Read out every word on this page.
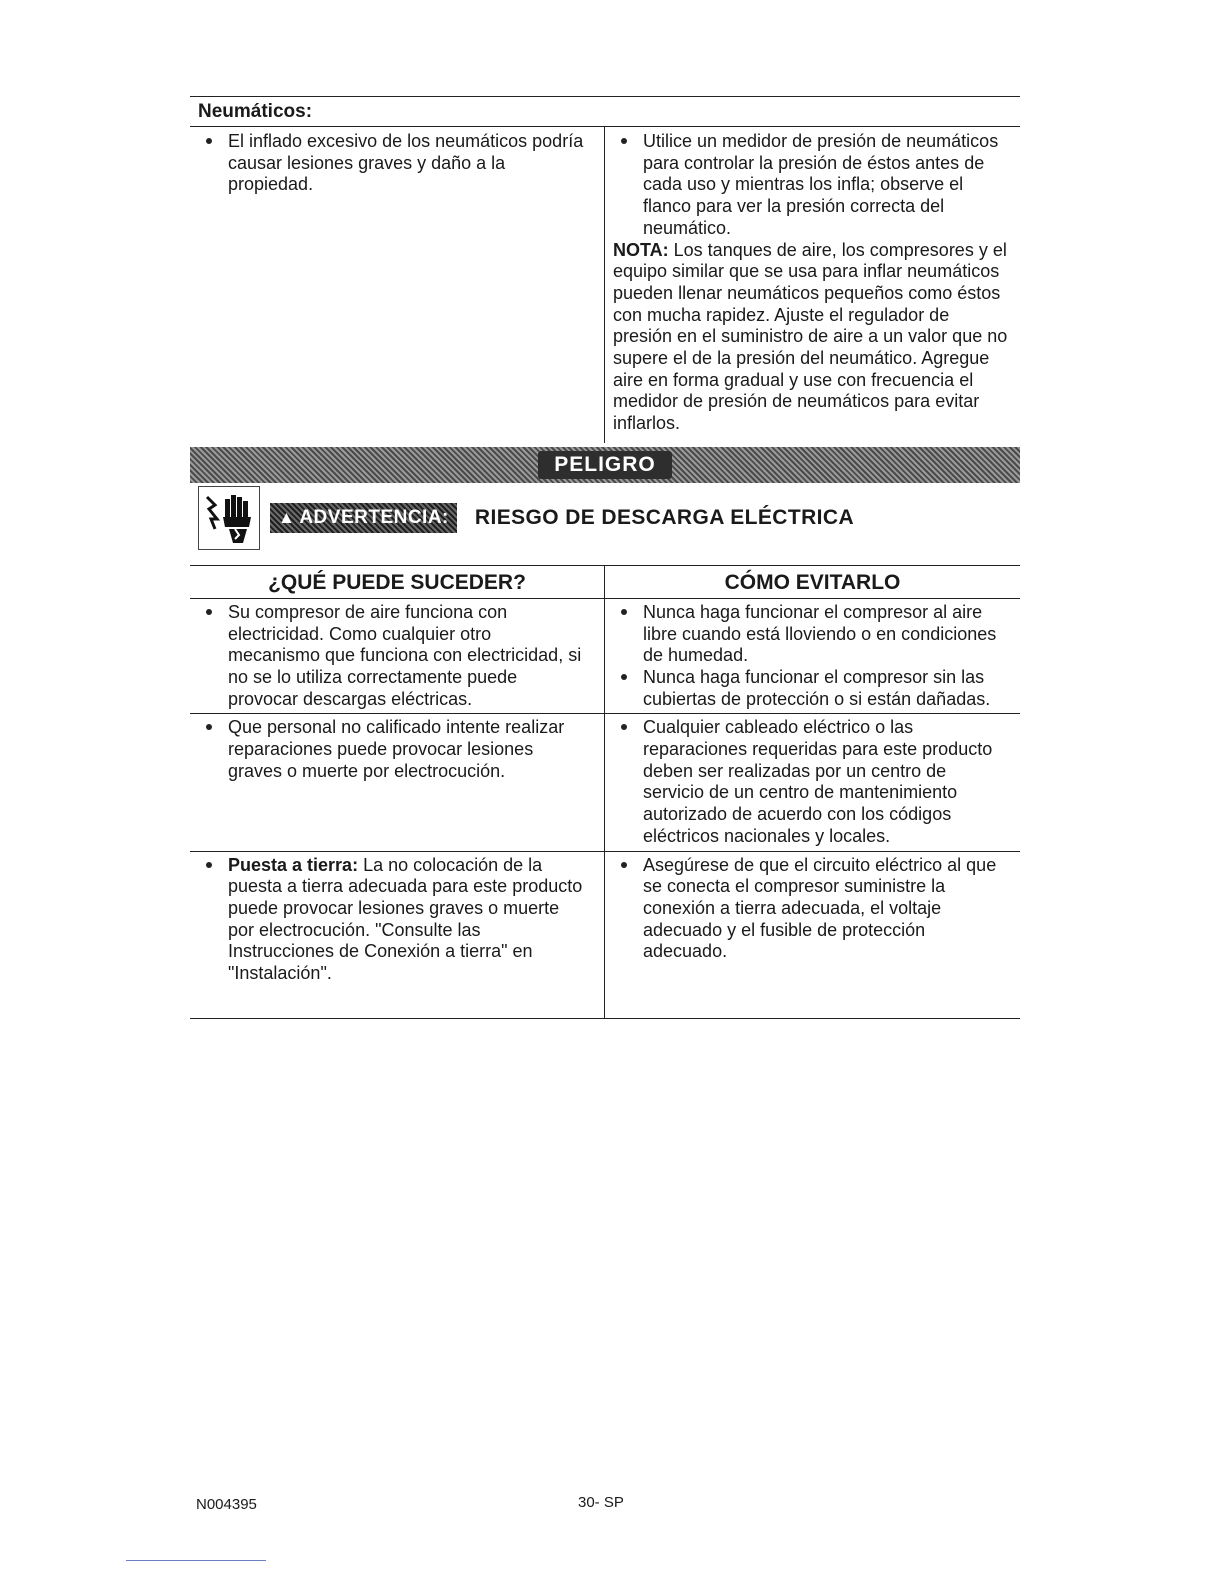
Neumáticos:
El inflado excesivo de los neumáticos podría causar lesiones graves y daño a la propiedad.
Utilice un medidor de presión de neumáticos para controlar la presión de éstos antes de cada uso y mientras los infla; observe el flanco para ver la presión correcta del neumático.
NOTA: Los tanques de aire, los compresores y el equipo similar que se usa para inflar neumáticos pueden llenar neumáticos pequeños como éstos con mucha rapidez. Ajuste el regulador de presión en el suministro de aire a un valor que no supere el de la presión del neumático. Agregue aire en forma gradual y use con frecuencia el medidor de presión de neumáticos para evitar inflarlos.
PELIGRO
▲ ADVERTENCIA: RIESGO DE DESCARGA ELÉCTRICA
¿QUÉ PUEDE SUCEDER?	CÓMO EVITARLO
Su compresor de aire funciona con electricidad. Como cualquier otro mecanismo que funciona con electricidad, si no se lo utiliza correctamente puede provocar descargas eléctricas.
Nunca haga funcionar el compresor al aire libre cuando está lloviendo o en condiciones de humedad.
Nunca haga funcionar el compresor sin las cubiertas de protección o si están dañadas.
Que personal no calificado intente realizar reparaciones puede provocar lesiones graves o muerte por electrocución.
Cualquier cableado eléctrico o las reparaciones requeridas para este producto deben ser realizadas por un centro de servicio de un centro de mantenimiento autorizado de acuerdo con los códigos eléctricos nacionales y locales.
Puesta a tierra: La no colocación de la puesta a tierra adecuada para este producto puede provocar lesiones graves o muerte por electrocución. "Consulte las Instrucciones de Conexión a tierra" en "Instalación".
Asegúrese de que el circuito eléctrico al que se conecta el compresor suministre la conexión a tierra adecuada, el voltaje adecuado y el fusible de protección adecuado.
N004395	30- SP
